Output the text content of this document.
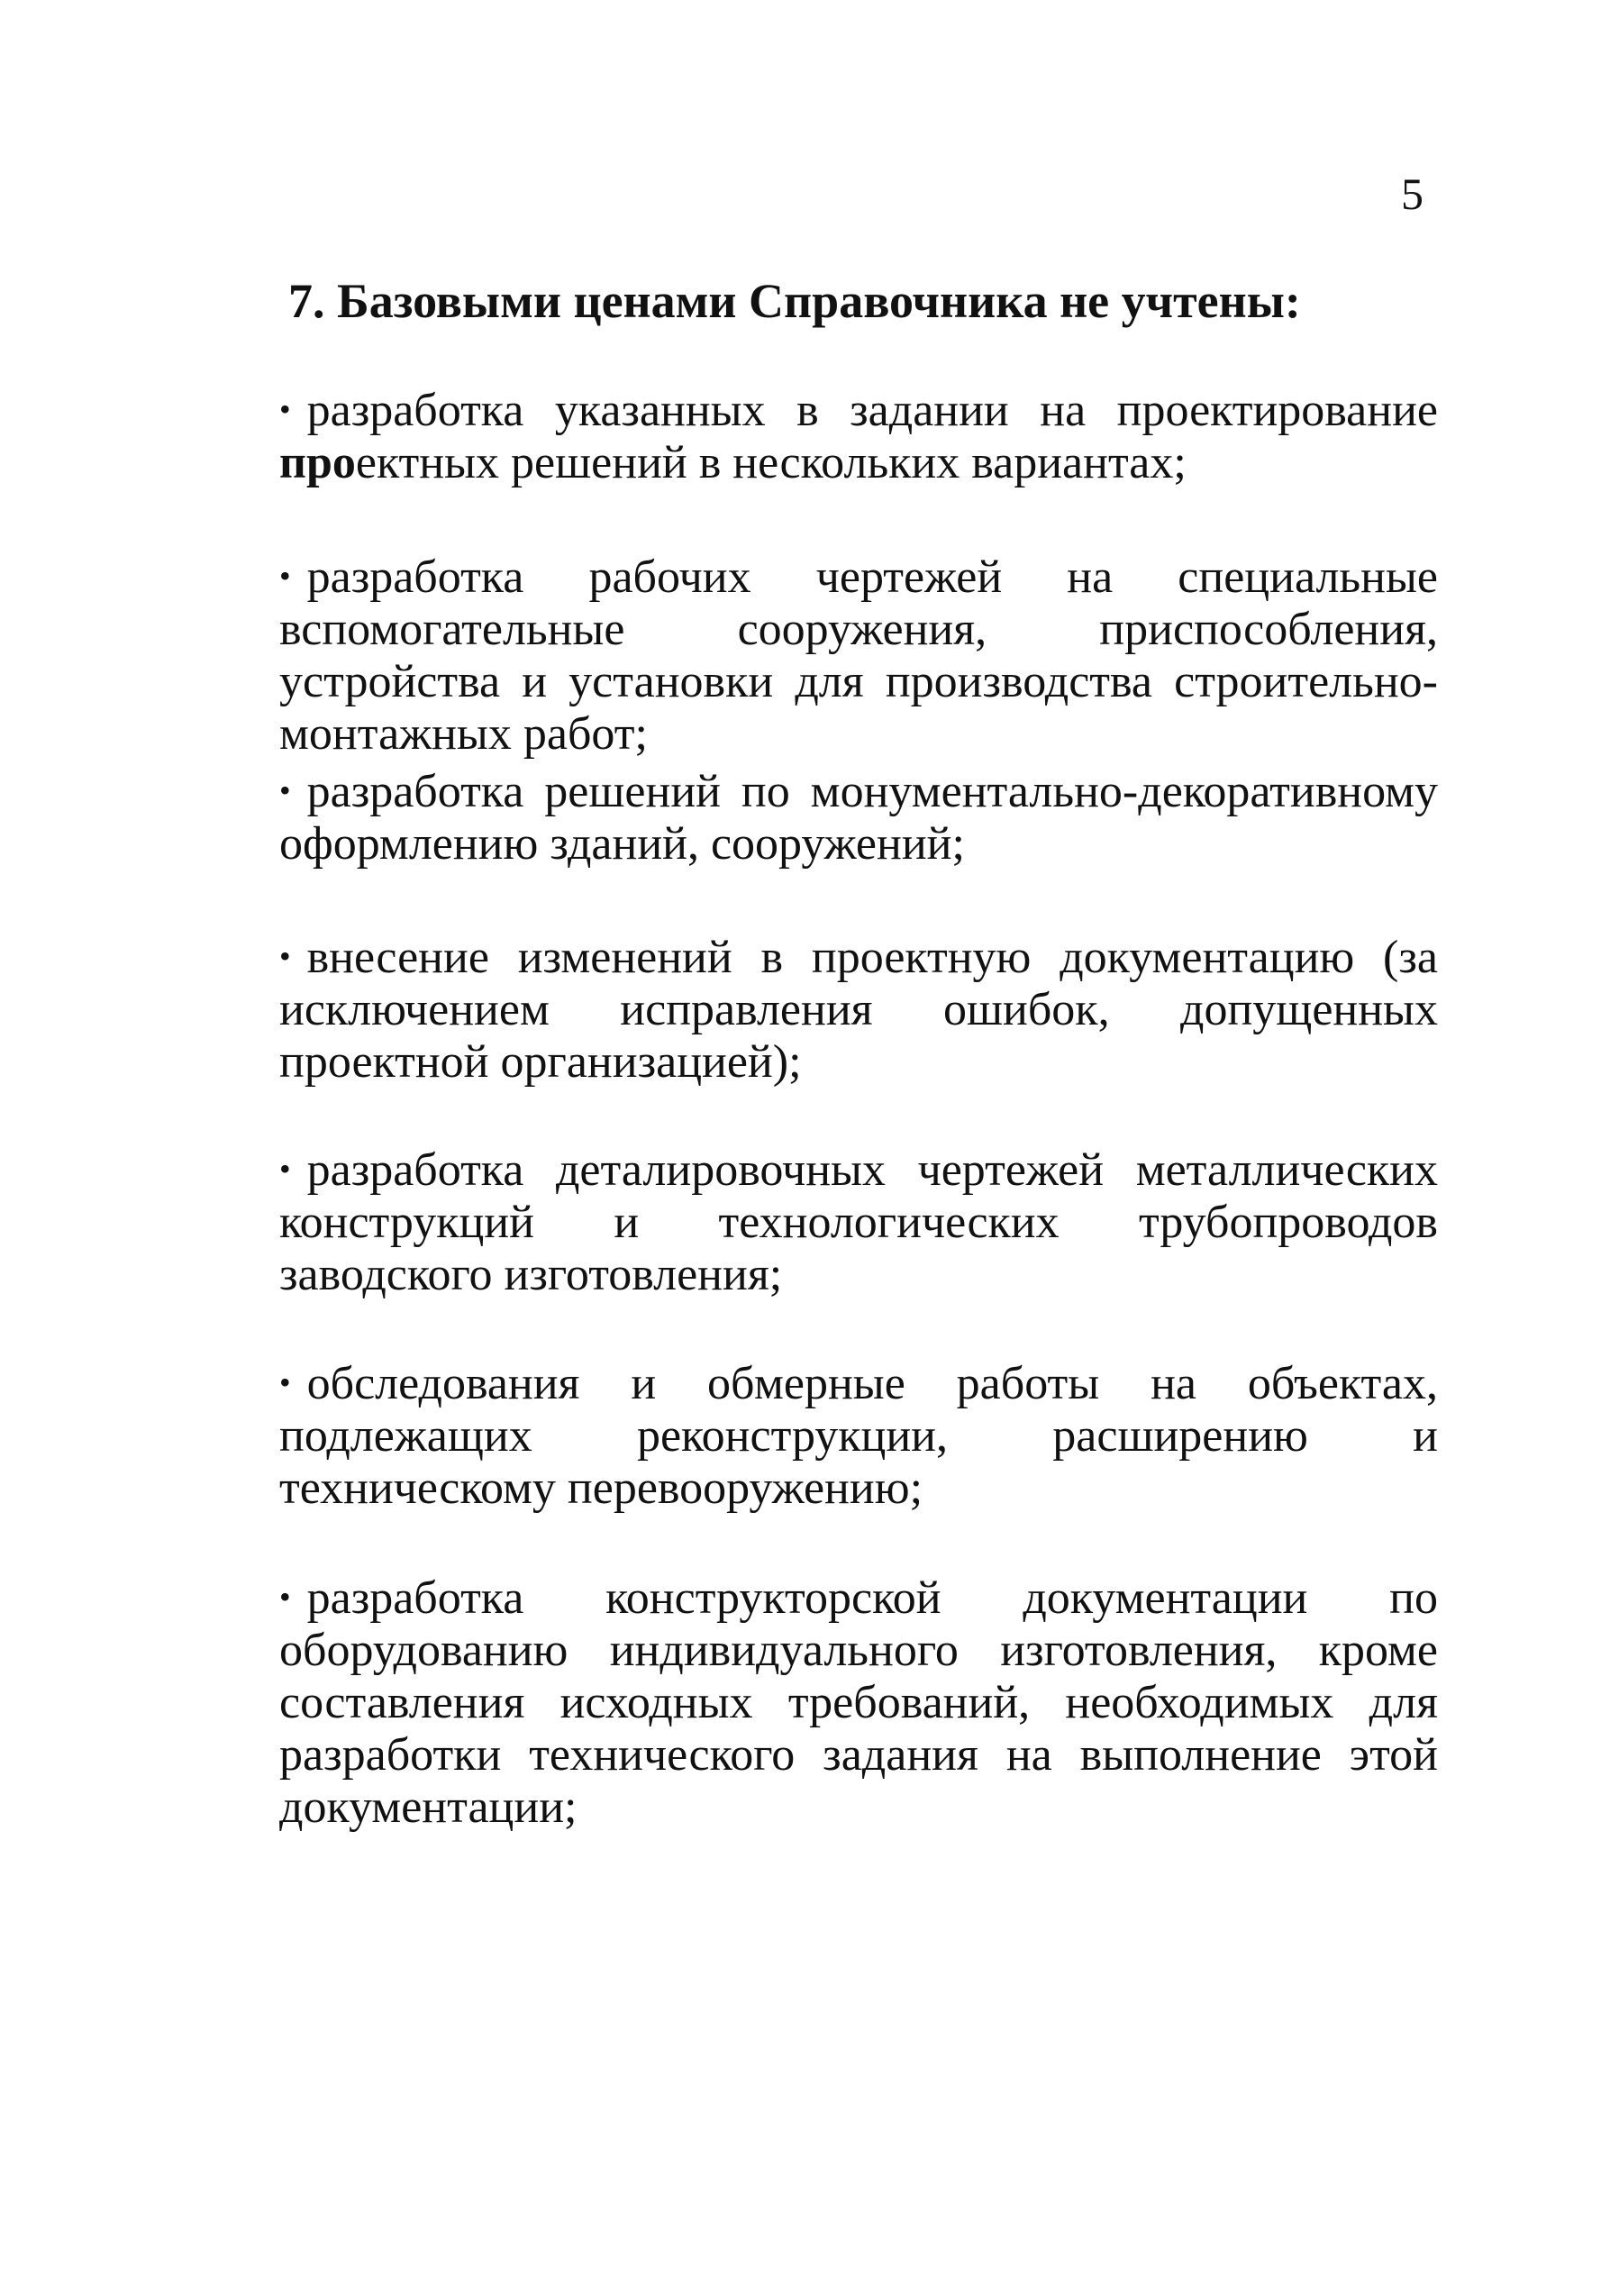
5
7. Базовыми ценами Справочника не учтены:
• разработка указанных в задании на проектирование проектных решений в нескольких вариантах;
• разработка рабочих чертежей на специальные вспомогательные сооружения, приспособления, устройства и установки для производства строительно-монтажных работ;
• разработка решений по монументально-декоративному оформлению зданий, сооружений;
• внесение изменений в проектную документацию (за исключением исправления ошибок, допущенных проектной организацией);
• разработка деталировочных чертежей металлических конструкций и технологических трубопроводов заводского изготовления;
• обследования и обмерные работы на объектах, подлежащих реконструкции, расширению и техническому перевооружению;
• разработка конструкторской документации по оборудованию индивидуального изготовления, кроме составления исходных требований, необходимых для разработки технического задания на выполнение этой документации;
